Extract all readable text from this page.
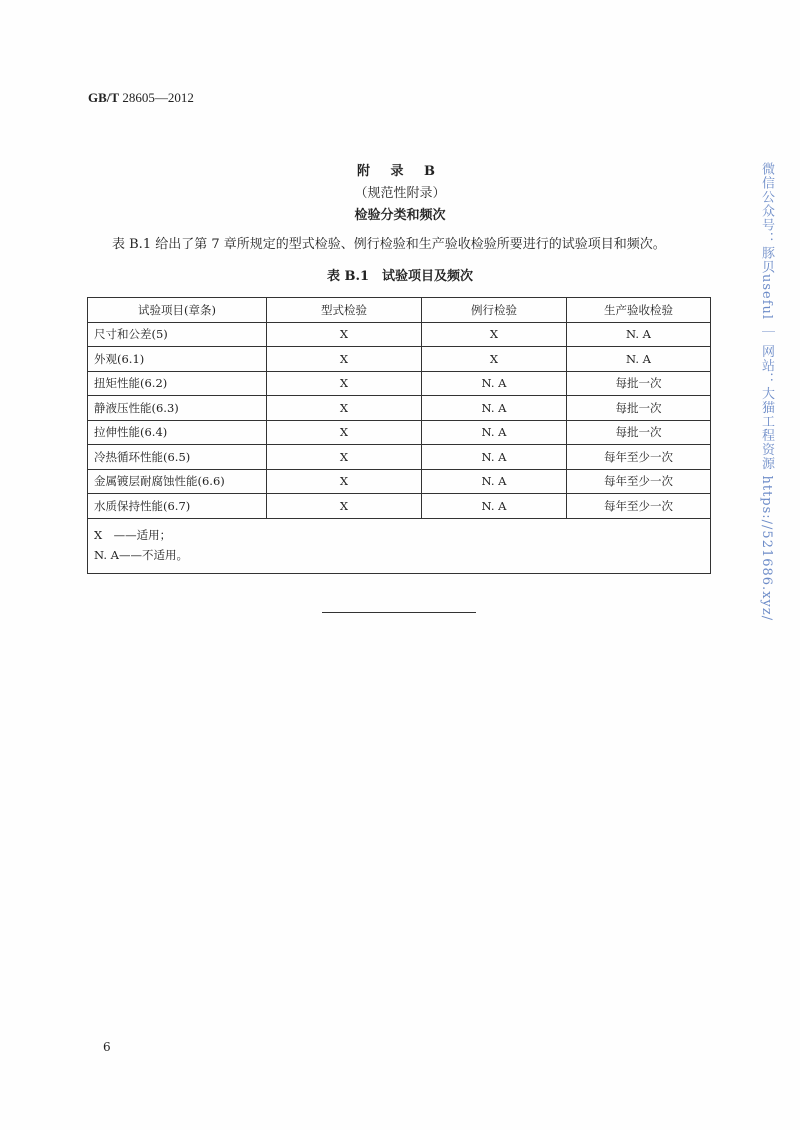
GB/T 28605—2012
附 录 B
（规范性附录）
检验分类和频次
表 B.1 给出了第 7 章所规定的型式检验、例行检验和生产验收检验所要进行的试验项目和频次。
表 B.1　试验项目及频次
试验项目(章条)	型式检验	例行检验	生产验收检验
尺寸和公差(5)	X	X	N. A
外观(6.1)	X	X	N. A
扭矩性能(6.2)	X	N. A	每批一次
静液压性能(6.3)	X	N. A	每批一次
拉伸性能(6.4)	X	N. A	每批一次
冷热循环性能(6.5)	X	N. A	每年至少一次
金属镀层耐腐蚀性能(6.6)	X	N. A	每年至少一次
水质保持性能(6.7)	X	N. A	每年至少一次

X　——适用；
N. A——不适用。			
6
微信公众号：豚贝useful ｜ 网站：大猫工程资源 https://521686.xyz/
